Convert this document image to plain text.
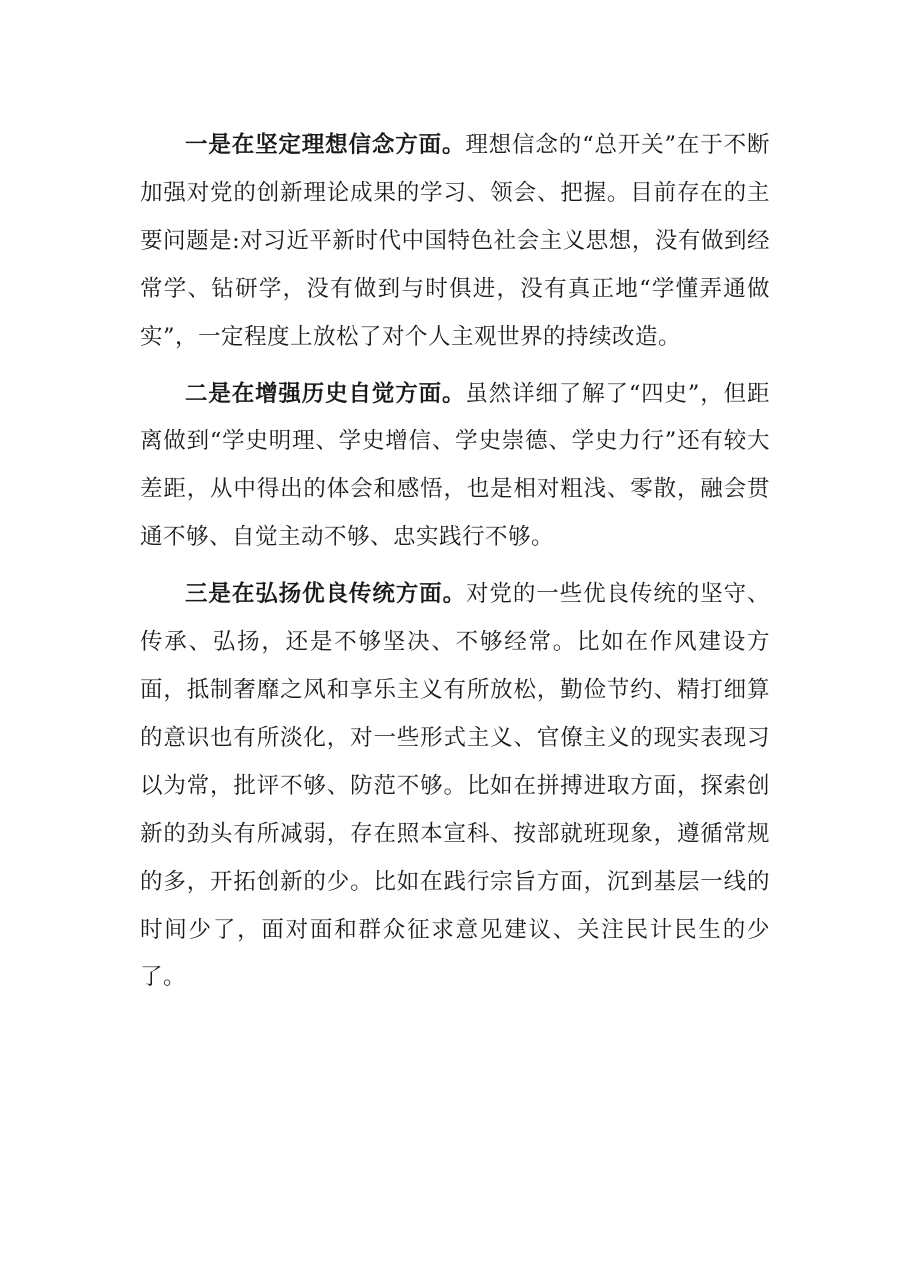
一是在坚定理想信念方面。理想信念的“总开关”在于不断加强对党的创新理论成果的学习、领会、把握。目前存在的主要问题是:对习近平新时代中国特色社会主义思想，没有做到经常学、钻研学，没有做到与时俱进，没有真正地“学懂弄通做实”，一定程度上放松了对个人主观世界的持续改造。

二是在增强历史自觉方面。虽然详细了解了“四史”，但距离做到“学史明理、学史增信、学史崇德、学史力行”还有较大差距，从中得出的体会和感悟，也是相对粗浅、零散，融会贯通不够、自觉主动不够、忠实践行不够。

三是在弘扬优良传统方面。对党的一些优良传统的坚守、传承、弘扬，还是不够坚决、不够经常。比如在作风建设方面，抵制奢靡之风和享乐主义有所放松，勤俭节约、精打细算的意识也有所淡化，对一些形式主义、官僚主义的现实表现习以为常，批评不够、防范不够。比如在拼搏进取方面，探索创新的劲头有所减弱，存在照本宣科、按部就班现象，遵循常规的多，开拓创新的少。比如在践行宗旨方面，沉到基层一线的时间少了，面对面和群众征求意见建议、关注民计民生的少了。
